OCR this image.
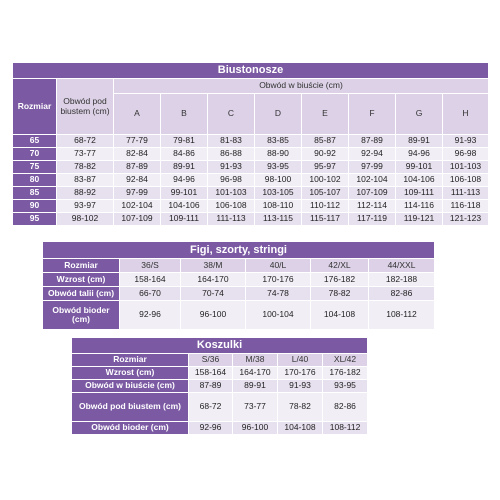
Biustonosze									
Rozmiar	Obwód pod biustem (cm)	Obwód w biuście (cm)							
		A	B	C	D	E	F	G	H
65	68-72	77-79	79-81	81-83	83-85	85-87	87-89	89-91	91-93
70	73-77	82-84	84-86	86-88	88-90	90-92	92-94	94-96	96-98
75	78-82	87-89	89-91	91-93	93-95	95-97	97-99	99-101	101-103
80	83-87	92-84	94-96	96-98	98-100	100-102	102-104	104-106	106-108
85	88-92	97-99	99-101	101-103	103-105	105-107	107-109	109-111	111-113
90	93-97	102-104	104-106	106-108	108-110	110-112	112-114	114-116	116-118
95	98-102	107-109	109-111	111-113	113-115	115-117	117-119	119-121	121-123
Figi, szorty, stringi					
Rozmiar	36/S	38/M	40/L	42/XL	44/XXL
Wzrost (cm)	158-164	164-170	170-176	176-182	182-188
Obwód talii (cm)	66-70	70-74	74-78	78-82	82-86
Obwód bioder (cm)	92-96	96-100	100-104	104-108	108-112
Koszulki				
Rozmiar	S/36	M/38	L/40	XL/42
Wzrost (cm)	158-164	164-170	170-176	176-182
Obwód w biuście (cm)	87-89	89-91	91-93	93-95
Obwód pod biustem (cm)	68-72	73-77	78-82	82-86
Obwód bioder (cm)	92-96	96-100	104-108	108-112
